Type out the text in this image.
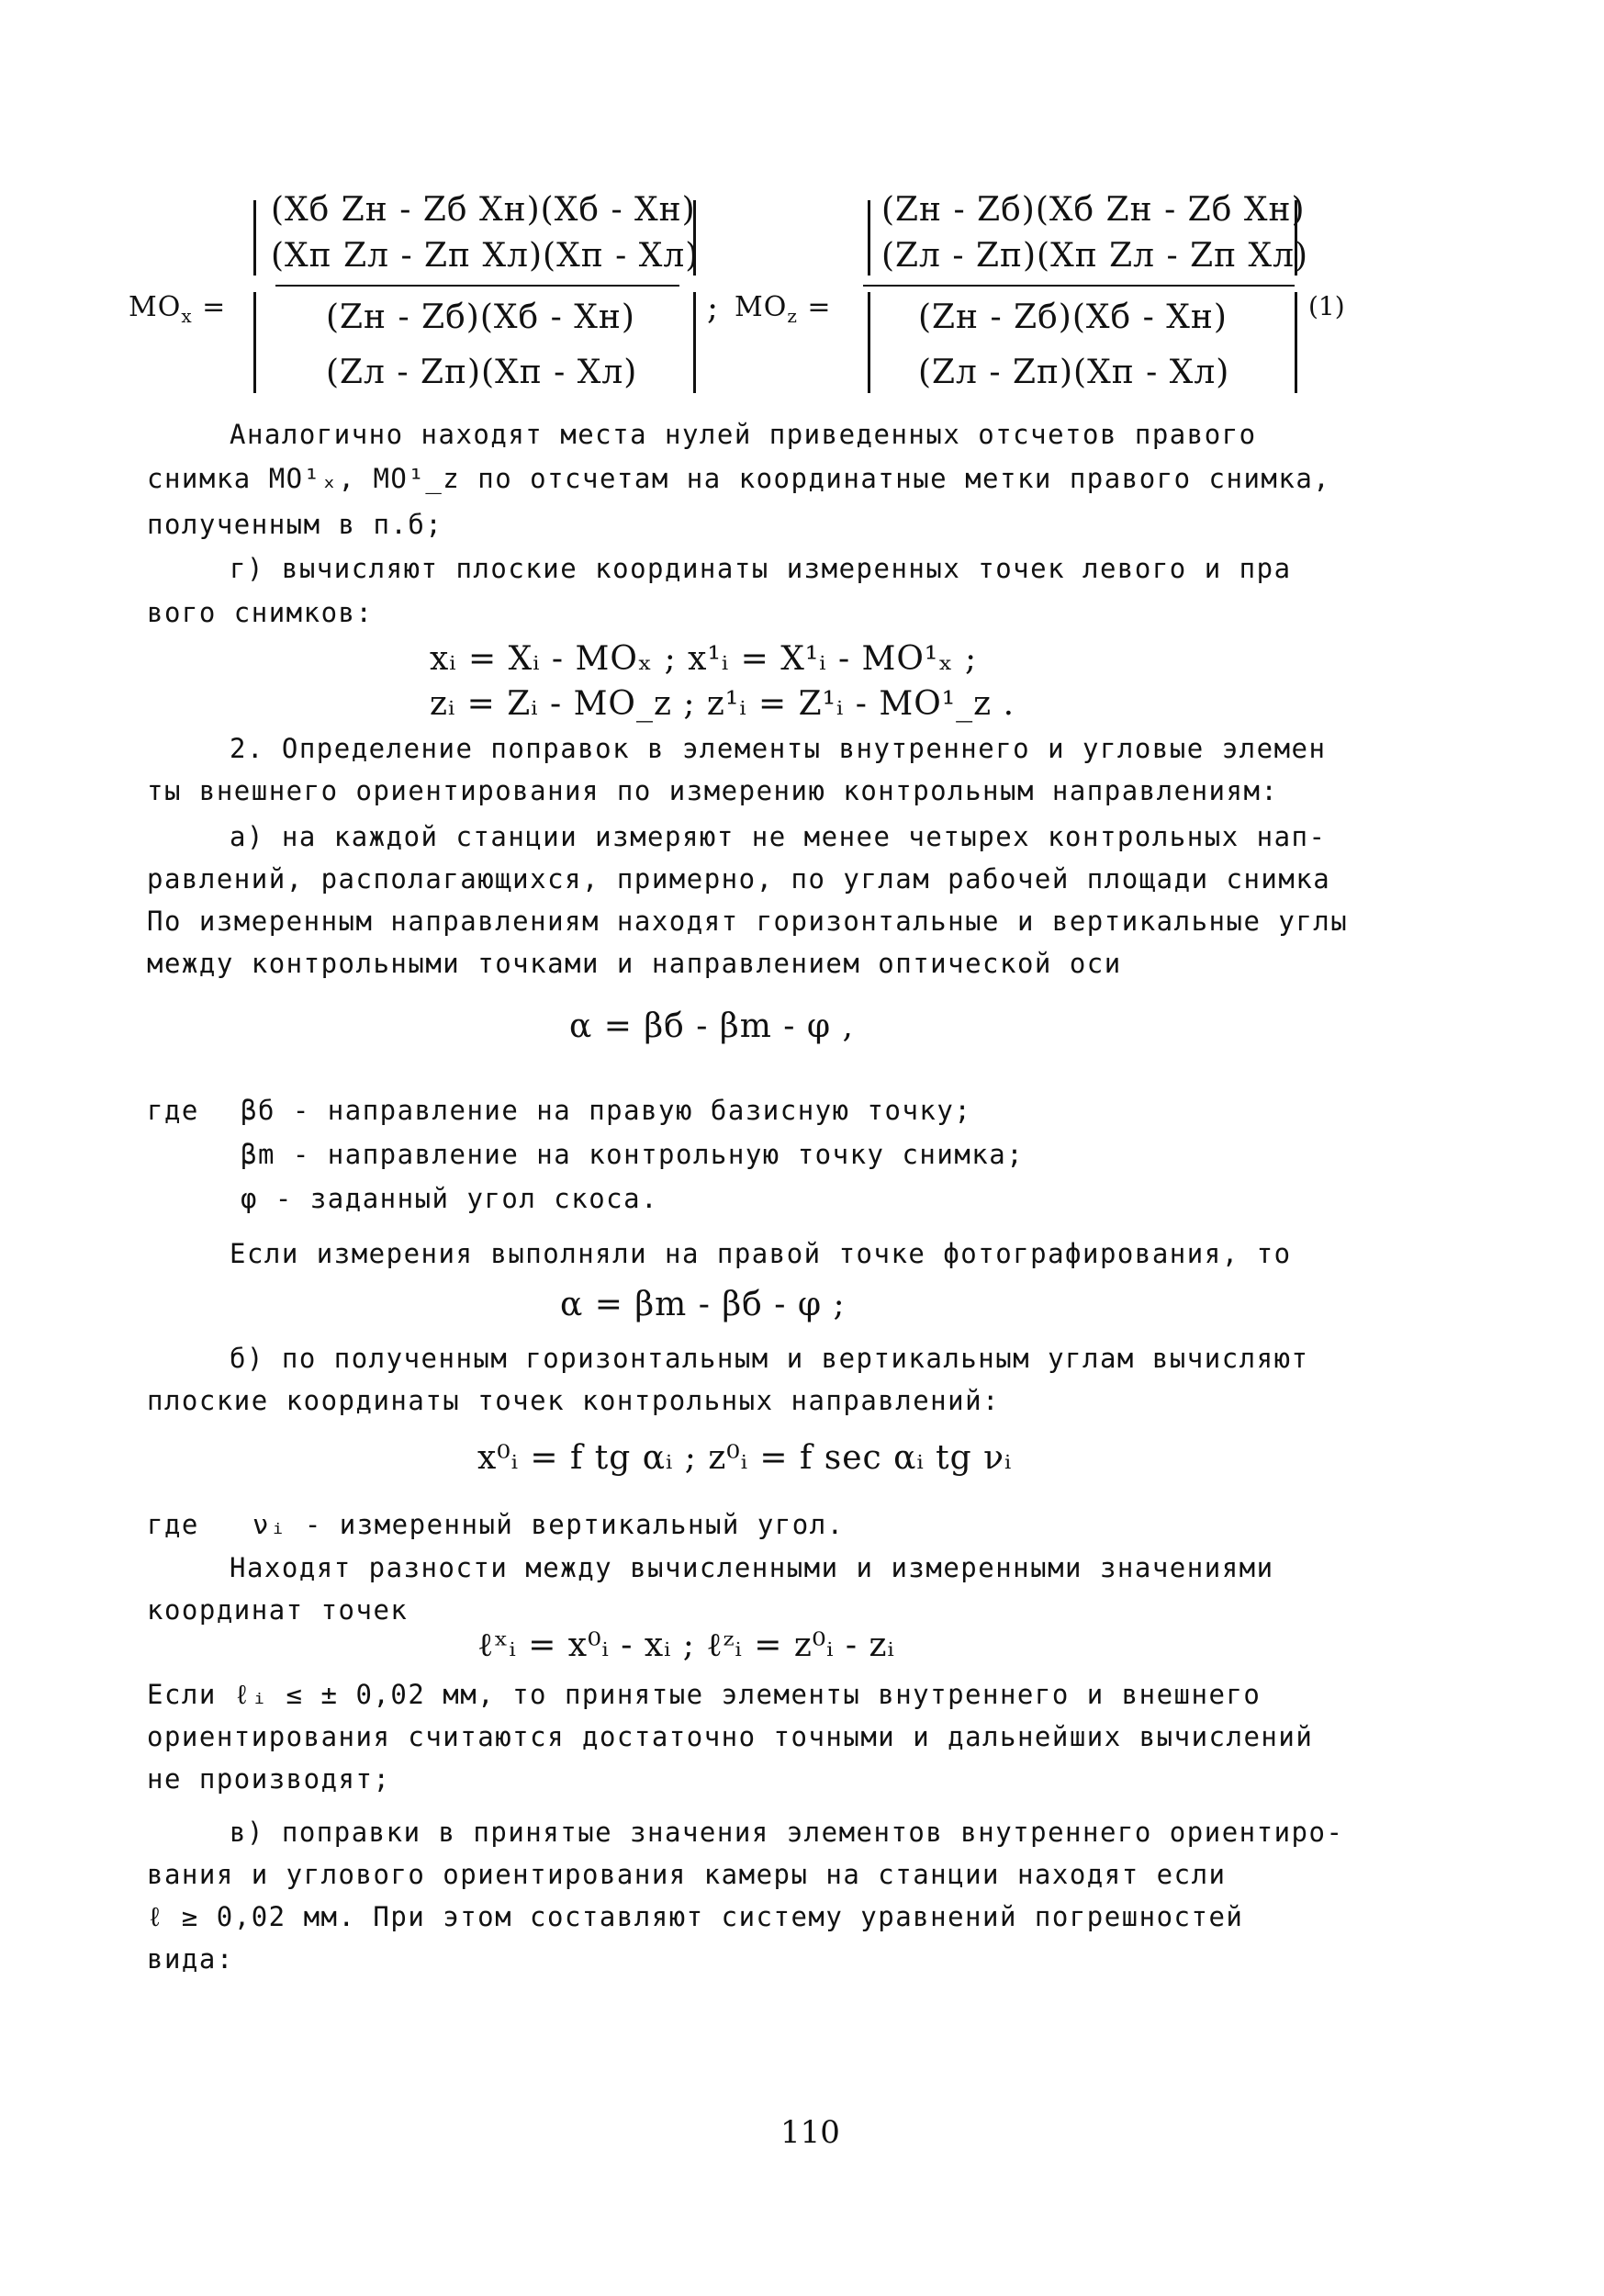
$MO_x$ =
(Xб Zн - Zб Xн)(Xб - Xн)
(Xп Zл - Zп Xл)(Xп - Xл)
(Zн - Zб)(Xб - Xн)
(Zл - Zп)(Xп - Xл)
; $MO_z$ =
(Zн - Zб)(Xб Zн - Zб Xн)
(Zл - Zп)(Xп Zл - Zп Xл)
(Zн - Zб)(Xб - Xн)
(Zл - Zп)(Xп - Xл)
(1)
Аналогично находят места нулей приведенных отсчетов правого
снимка MO¹ₓ, MO¹_z по отсчетам на координатные метки правого снимка,
полученным в п.б;
г) вычисляют плоские координаты измеренных точек левого и пра
вого снимков:
xᵢ = Xᵢ - MOₓ ; x¹ᵢ = X¹ᵢ - MO¹ₓ ;
zᵢ = Zᵢ - MO_z ; z¹ᵢ = Z¹ᵢ - MO¹_z .
2. Определение поправок в элементы внутреннего и угловые элемен
ты внешнего ориентирования по измерению контрольным направлениям:
а) на каждой станции измеряют не менее четырех контрольных нап-
равлений, располагающихся, примерно, по углам рабочей площади снимка
По измеренным направлениям находят горизонтальные и вертикальные углы
между контрольными точками и направлением оптической оси
α = βб - βm - φ ,
где βб - направление на правую базисную точку;
βm - направление на контрольную точку снимка;
φ - заданный угол скоса.
Если измерения выполняли на правой точке фотографирования, то
α = βm - βб - φ ;
б) по полученным горизонтальным и вертикальным углам вычисляют
плоские координаты точек контрольных направлений:
x⁰ᵢ = f tg αᵢ ; z⁰ᵢ = f sec αᵢ tg νᵢ
где νᵢ - измеренный вертикальный угол.
Находят разности между вычисленными и измеренными значениями
координат точек
ℓˣᵢ = x⁰ᵢ - xᵢ ; ℓᶻᵢ = z⁰ᵢ - zᵢ
Если ℓᵢ ≤ ± 0,02 мм, то принятые элементы внутреннего и внешнего
ориентирования считаются достаточно точными и дальнейших вычислений
не производят;
в) поправки в принятые значения элементов внутреннего ориентиро-
вания и углового ориентирования камеры на станции находят если
ℓ ≥ 0,02 мм. При этом составляют систему уравнений погрешностей
вида:
110
